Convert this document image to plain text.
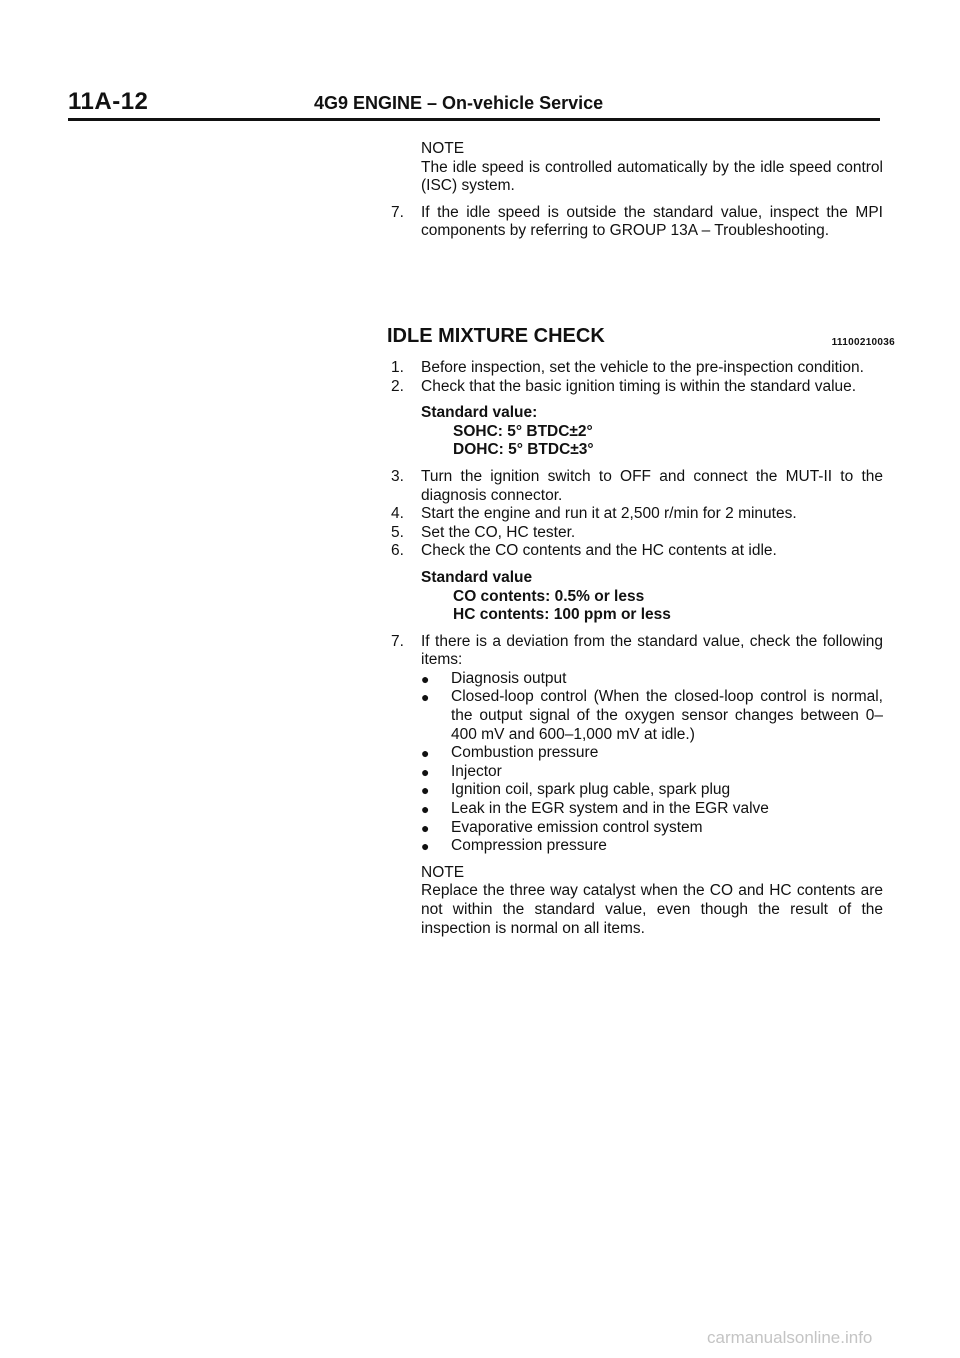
11A-12	4G9 ENGINE – On-vehicle Service

NOTE

The idle speed is controlled automatically by the idle speed control (ISC) system.

7.	If the idle speed is outside the standard value, inspect the MPI components by referring to GROUP 13A – Troubleshooting.
IDLE MIXTURE CHECK	11100210036
1.	Before inspection, set the vehicle to the pre-inspection condition.
2.	Check that the basic ignition timing is within the standard value.
Standard value:
SOHC: 5° BTDC±2°
DOHC: 5° BTDC±3°
3.	Turn the ignition switch to OFF and connect the MUT-II to the diagnosis connector.
4.	Start the engine and run it at 2,500 r/min for 2 minutes.
5.	Set the CO, HC tester.
6.	Check the CO contents and the HC contents at idle.
Standard value
CO contents: 0.5% or less
HC contents: 100 ppm or less
7.	If there is a deviation from the standard value, check the following items:
●	Diagnosis output
●	Closed-loop control (When the closed-loop control is normal, the output signal of the oxygen sensor changes between 0–400 mV and 600–1,000 mV at idle.)
●	Combustion pressure
●	Injector
●	Ignition coil, spark plug cable, spark plug
●	Leak in the EGR system and in the EGR valve
●	Evaporative emission control system
●	Compression pressure

NOTE

Replace the three way catalyst when the CO and HC contents are not within the standard value, even though the result of the inspection is normal on all items.

carmanualsonline.info
